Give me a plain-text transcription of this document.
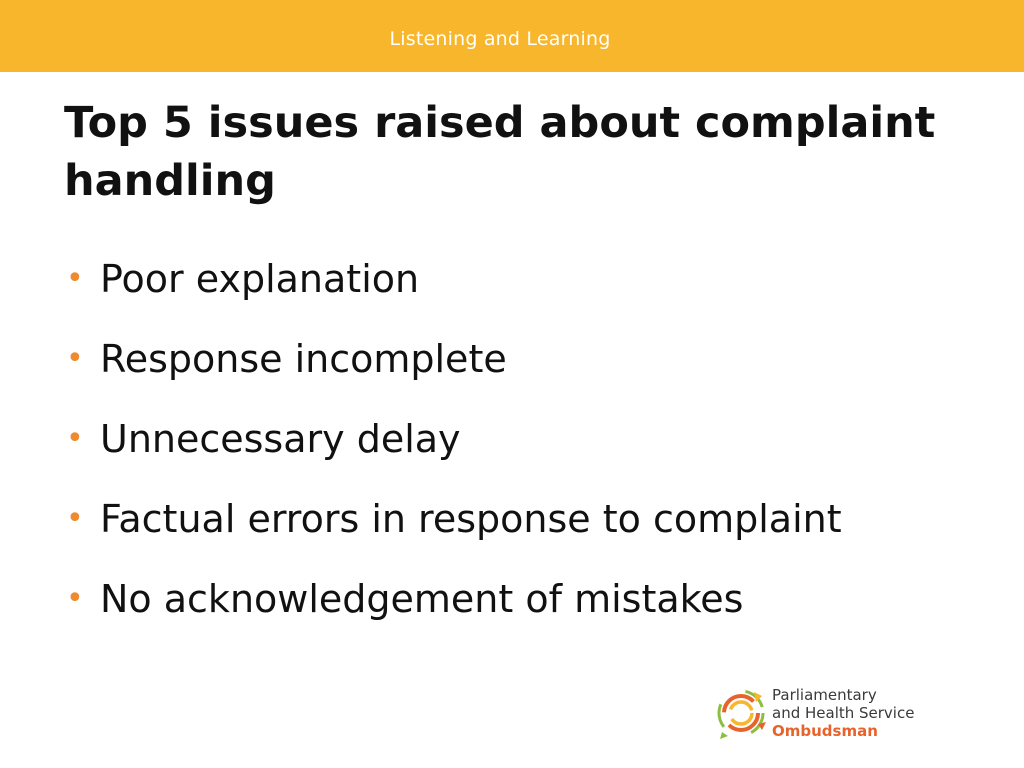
Listening and Learning
Top 5 issues raised about complaint handling
• Poor explanation
• Response incomplete
• Unnecessary delay
• Factual errors in response to complaint
• No acknowledgement of mistakes
Parliamentary
and Health Service
Ombudsman
